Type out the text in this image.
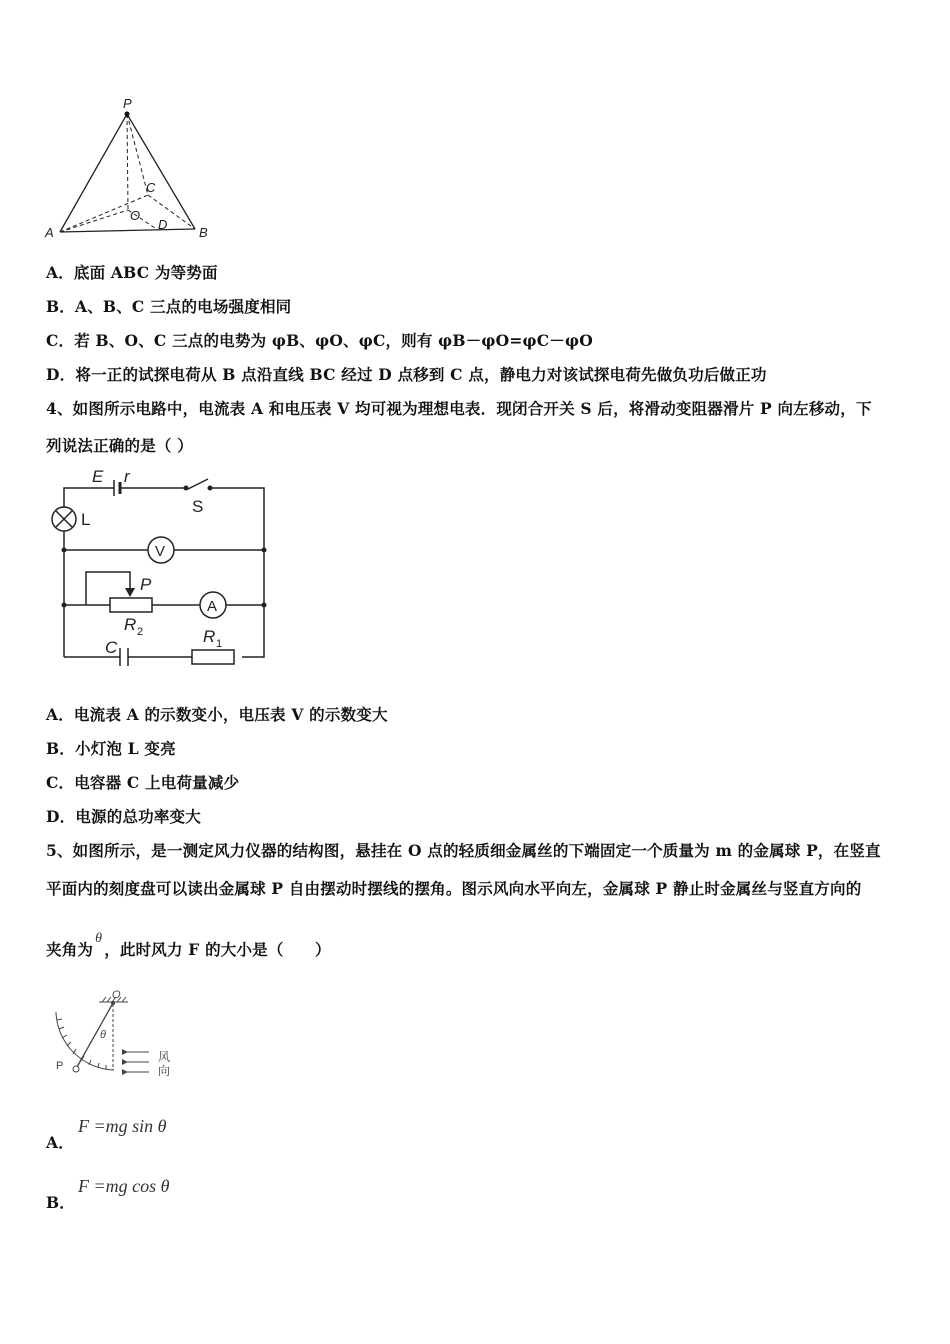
P
A	B
C
O
D
A．底面 ABC 为等势面
B．A、B、C 三点的电场强度相同
C．若 B、O、C 三点的电势为 φB、φO、φC，则有 φB－φO=φC－φO
D．将一正的试探电荷从 B 点沿直线 BC 经过 D 点移到 C 点，静电力对该试探电荷先做负功后做正功
4、如图所示电路中，电流表 A 和电压表 V 均可视为理想电表．现闭合开关 S 后，将滑动变阻器滑片 P 向左移动，下
列说法正确的是（ ）
E r
S
L
V
A
P
R 2	R 1
C
A．电流表 A 的示数变小，电压表 V 的示数变大
B．小灯泡 L 变亮
C．电容器 C 上电荷量减少
D．电源的总功率变大
5、如图所示，是一测定风力仪器的结构图，悬挂在 O 点的轻质细金属丝的下端固定一个质量为 m 的金属球 P，在竖直
平面内的刻度盘可以读出金属球 P 自由摆动时摆线的摆角。图示风向水平向左，金属球 P 静止时金属丝与竖直方向的
夹角为θ，此时风力 F 的大小是（　　）
O
θ
P
风
向
A．
F =mg sin θ
B．
F =mg cos θ
